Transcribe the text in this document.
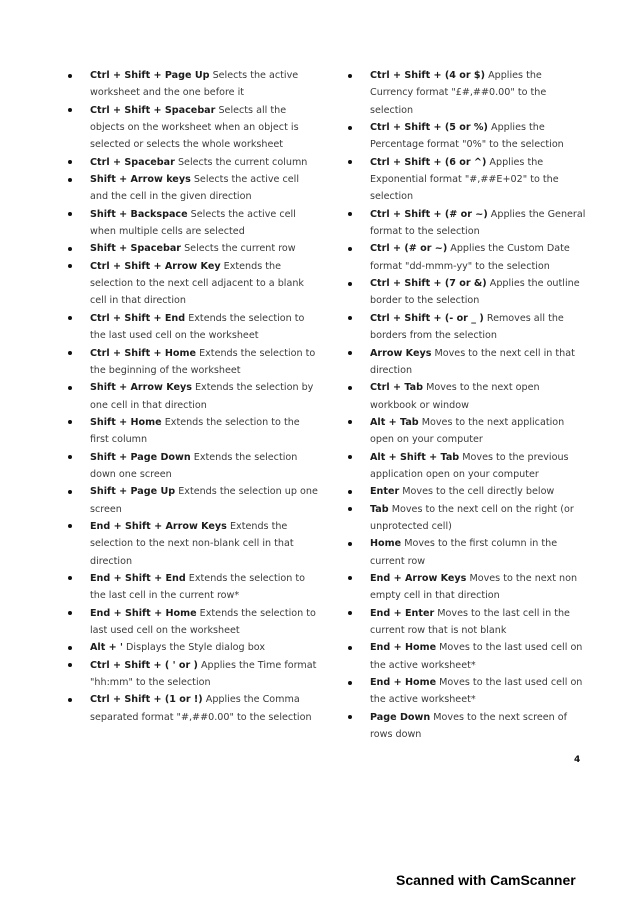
Ctrl + Shift + Page Up Selects the active worksheet and the one before it
Ctrl + Shift + Spacebar Selects all the objects on the worksheet when an object is selected or selects the whole worksheet
Ctrl + Spacebar Selects the current column
Shift + Arrow keys Selects the active cell and the cell in the given direction
Shift + Backspace Selects the active cell when multiple cells are selected
Shift + Spacebar Selects the current row
Ctrl + Shift + Arrow Key Extends the selection to the next cell adjacent to a blank cell in that direction
Ctrl + Shift + End Extends the selection to the last used cell on the worksheet
Ctrl + Shift + Home Extends the selection to the beginning of the worksheet
Shift + Arrow Keys Extends the selection by one cell in that direction
Shift + Home Extends the selection to the first column
Shift + Page Down Extends the selection down one screen
Shift + Page Up Extends the selection up one screen
End + Shift + Arrow Keys Extends the selection to the next non-blank cell in that direction
End + Shift + End Extends the selection to the last cell in the current row*
End + Shift + Home Extends the selection to last used cell on the worksheet
Alt + ' Displays the Style dialog box
Ctrl + Shift + ( ' or ) Applies the Time format "hh:mm" to the selection
Ctrl + Shift + (1 or !) Applies the Comma separated format "#,##0.00" to the selection
Ctrl + Shift + (4 or $) Applies the Currency format "£#,##0.00" to the selection
Ctrl + Shift + (5 or %) Applies the Percentage format "0%" to the selection
Ctrl + Shift + (6 or ^) Applies the Exponential format "#,##E+02" to the selection
Ctrl + Shift + (# or ~) Applies the General format to the selection
Ctrl + (# or ~) Applies the Custom Date format "dd-mmm-yy" to the selection
Ctrl + Shift + (7 or &) Applies the outline border to the selection
Ctrl + Shift + (- or _ ) Removes all the borders from the selection
Arrow Keys Moves to the next cell in that direction
Ctrl + Tab Moves to the next open workbook or window
Alt + Tab Moves to the next application open on your computer
Alt + Shift + Tab Moves to the previous application open on your computer
Enter Moves to the cell directly below
Tab Moves to the next cell on the right (or unprotected cell)
Home Moves to the first column in the current row
End + Arrow Keys Moves to the next non empty cell in that direction
End + Enter Moves to the last cell in the current row that is not blank
End + Home Moves to the last used cell on the active worksheet*
End + Home Moves to the last used cell on the active worksheet*
Page Down Moves to the next screen of rows down
4
Scanned with CamScanner
